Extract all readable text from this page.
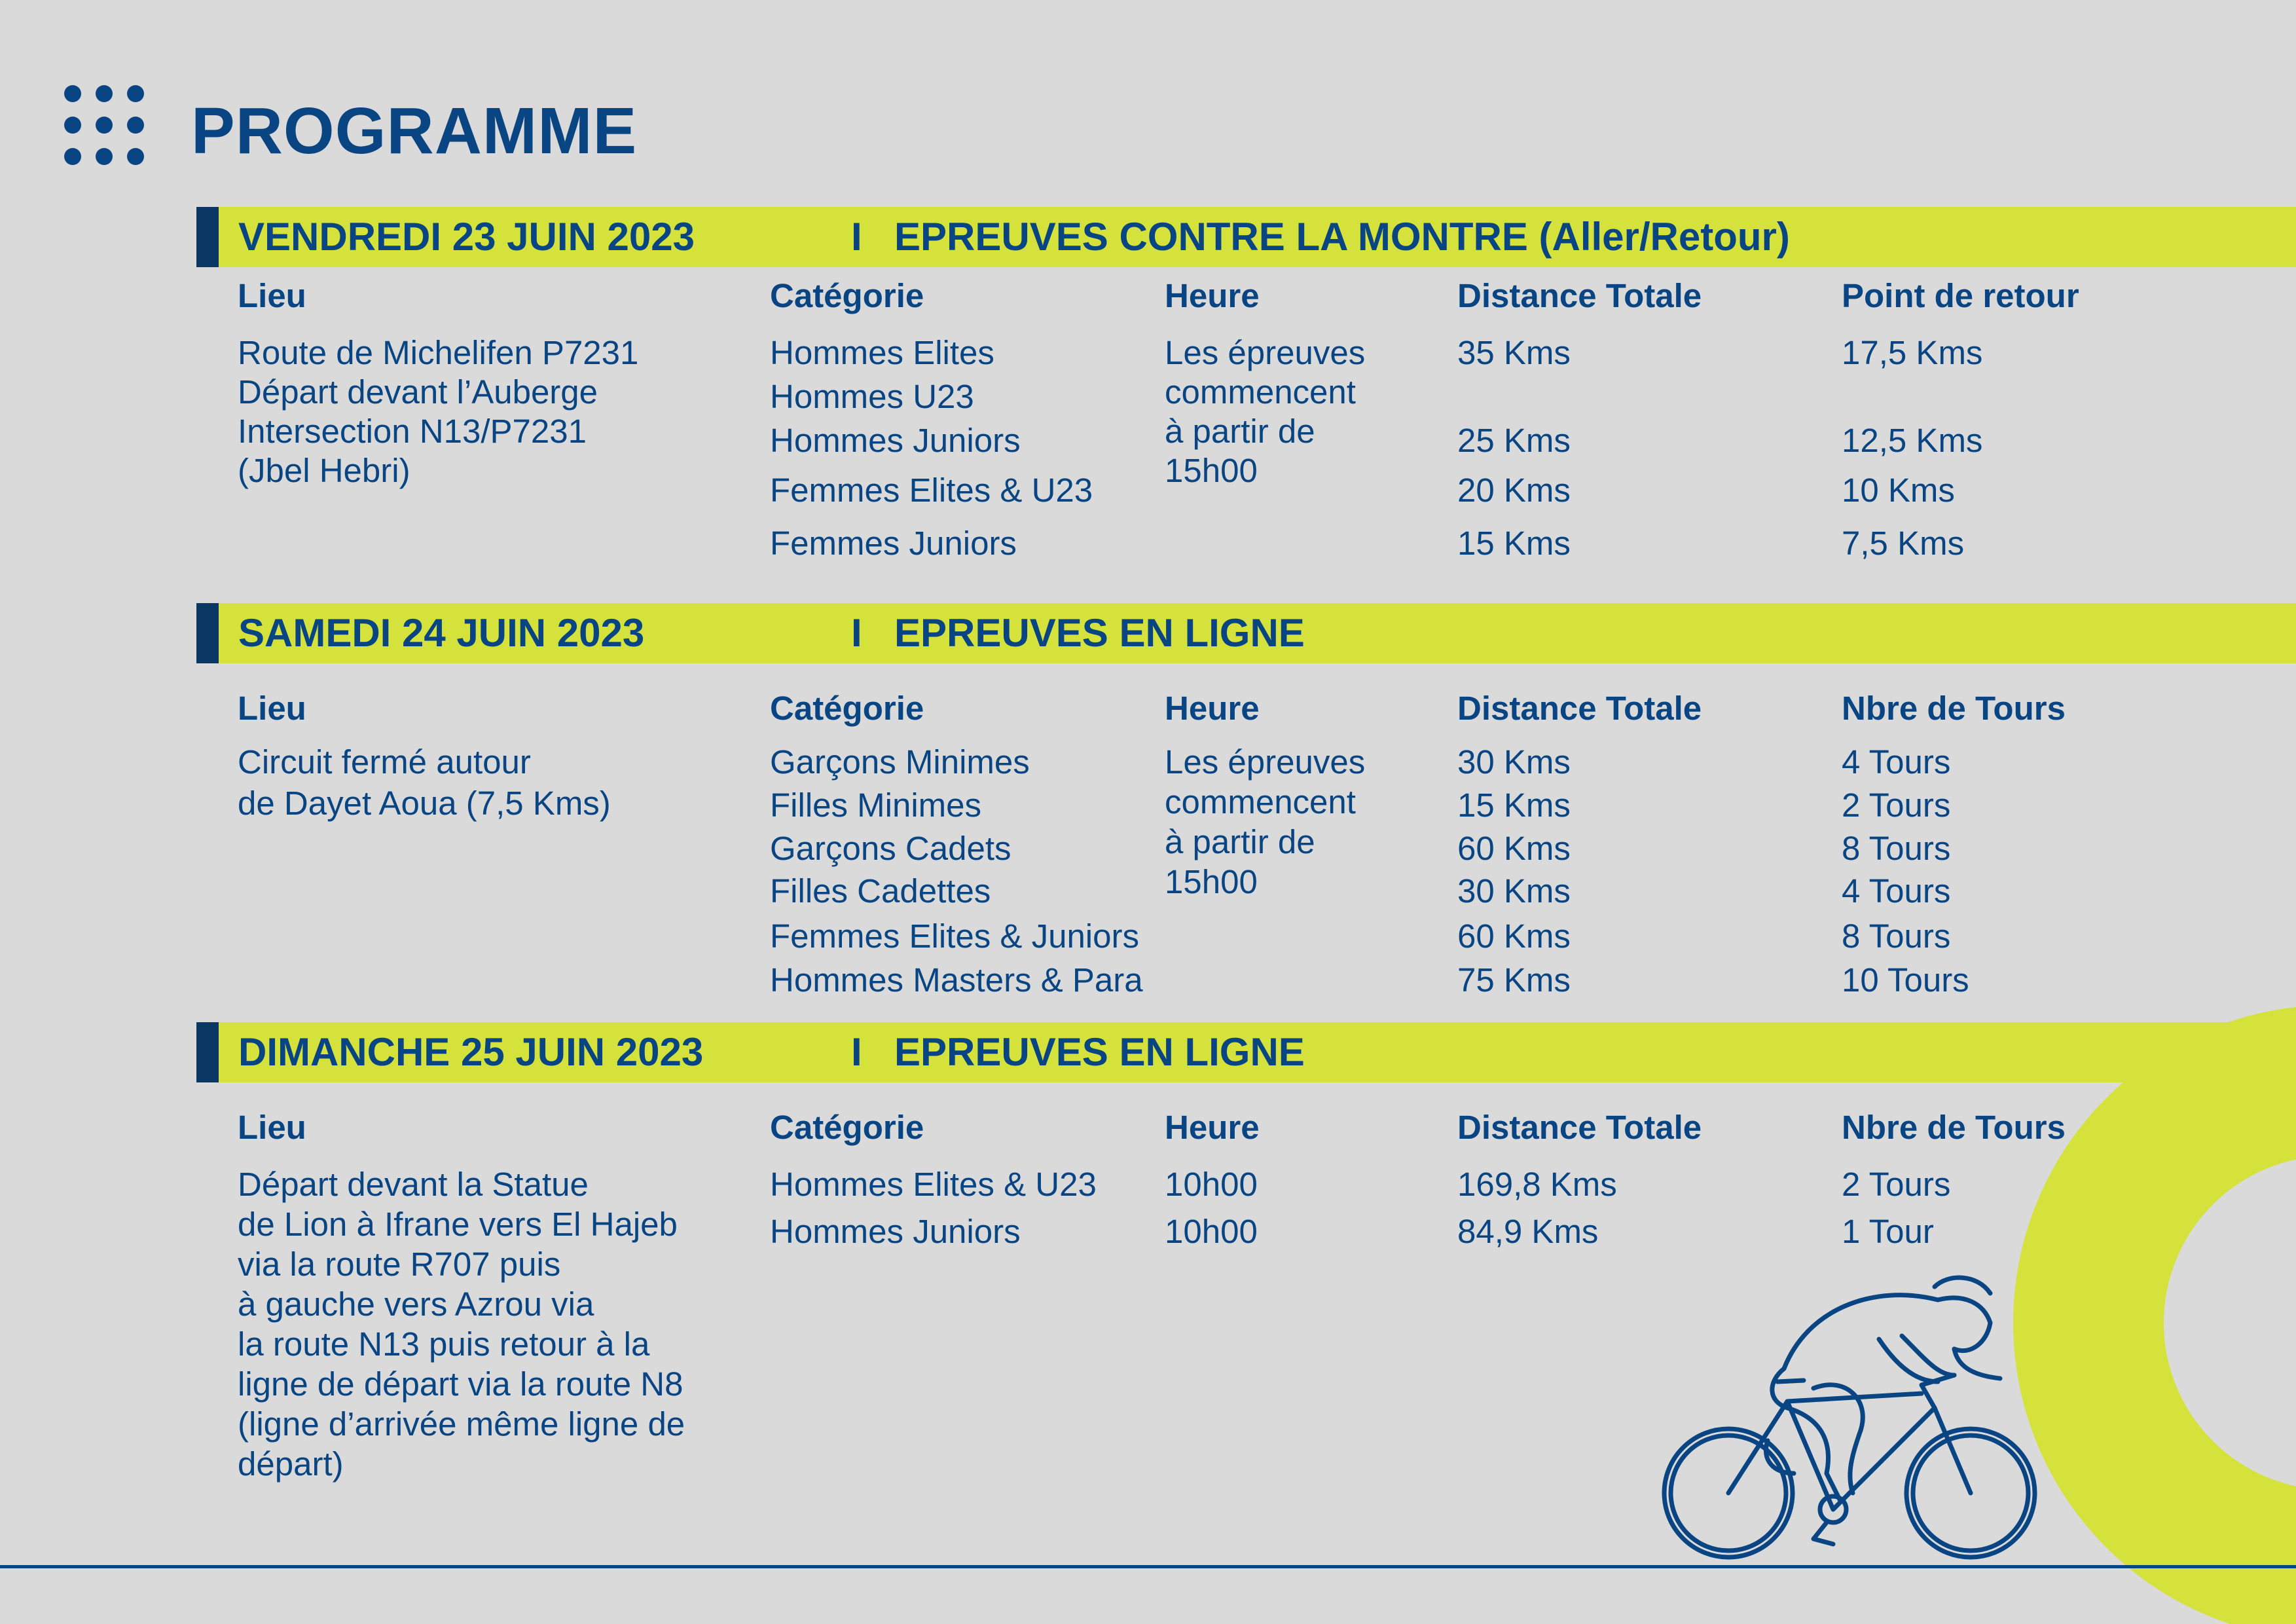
PROGRAMME
VENDREDI 23 JUIN 2023	I EPREUVES CONTRE LA MONTRE (Aller/Retour)
Lieu	Catégorie	Heure	Distance Totale	Point de retour
Route de Michelifen P7231
Départ devant l’Auberge
Intersection N13/P7231
(Jbel Hebri)
Les épreuves
commencent
à partir de
15h00
Hommes Elites	35 Kms	17,5 Kms
Hommes U23
Hommes Juniors	25 Kms	12,5 Kms
Femmes Elites & U23	20 Kms	10 Kms
Femmes Juniors	15 Kms	7,5 Kms
SAMEDI 24 JUIN 2023	I EPREUVES EN LIGNE
Lieu	Catégorie	Heure	Distance Totale	Nbre de Tours
Circuit fermé autour
de Dayet Aoua (7,5 Kms)
Les épreuves
commencent
à partir de
15h00
Garçons Minimes	30 Kms	4 Tours
Filles Minimes	15 Kms	2 Tours
Garçons Cadets	60 Kms	8 Tours
Filles Cadettes	30 Kms	4 Tours
Femmes Elites & Juniors	60 Kms	8 Tours
Hommes Masters & Para	75 Kms	10 Tours
DIMANCHE 25 JUIN 2023	I EPREUVES EN LIGNE
Lieu	Catégorie	Heure	Distance Totale	Nbre de Tours
Départ devant la Statue
de Lion à Ifrane vers El Hajeb
via la route R707 puis
à gauche vers Azrou via
la route N13 puis retour à la
ligne de départ via la route N8
(ligne d’arrivée même ligne de
départ)
Hommes Elites & U23 10h00	169,8 Kms	2 Tours
Hommes Juniors	10h00	84,9 Kms	1 Tour
